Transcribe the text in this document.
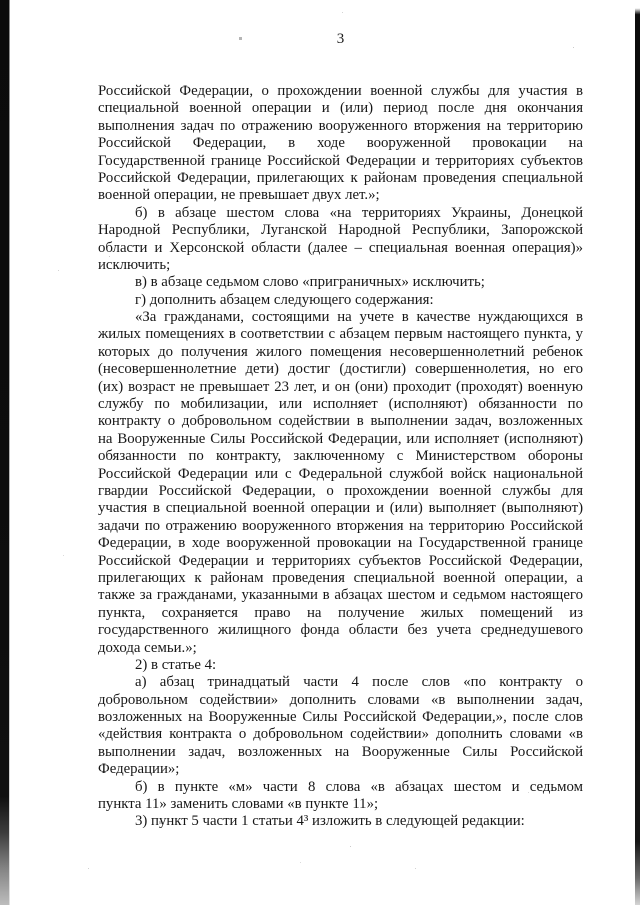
3
Российской Федерации, о прохождении военной службы для участия в
специальной военной операции и (или) период после дня окончания
выполнения задач по отражению вооруженного вторжения на территорию
Российской Федерации, в ходе вооруженной провокации на
Государственной границе Российской Федерации и территориях субъектов
Российской Федерации, прилегающих к районам проведения специальной
военной операции, не превышает двух лет.»;
б) в абзаце шестом слова «на территориях Украины, Донецкой
Народной Республики, Луганской Народной Республики, Запорожской
области и Херсонской области (далее – специальная военная операция)»
исключить;
в) в абзаце седьмом слово «приграничных» исключить;
г) дополнить абзацем следующего содержания:
«За гражданами, состоящими на учете в качестве нуждающихся в
жилых помещениях в соответствии с абзацем первым настоящего пункта, у
которых до получения жилого помещения несовершеннолетний ребенок
(несовершеннолетние дети) достиг (достигли) совершеннолетия, но его
(их) возраст не превышает 23 лет, и он (они) проходит (проходят) военную
службу по мобилизации, или исполняет (исполняют) обязанности по
контракту о добровольном содействии в выполнении задач, возложенных
на Вооруженные Силы Российской Федерации, или исполняет (исполняют)
обязанности по контракту, заключенному с Министерством обороны
Российской Федерации или с Федеральной службой войск национальной
гвардии Российской Федерации, о прохождении военной службы для
участия в специальной военной операции и (или) выполняет (выполняют)
задачи по отражению вооруженного вторжения на территорию Российской
Федерации, в ходе вооруженной провокации на Государственной границе
Российской Федерации и территориях субъектов Российской Федерации,
прилегающих к районам проведения специальной военной операции, а
также за гражданами, указанными в абзацах шестом и седьмом настоящего
пункта, сохраняется право на получение жилых помещений из
государственного жилищного фонда области без учета среднедушевого
дохода семьи.»;
2) в статье 4:
а) абзац тринадцатый части 4 после слов «по контракту о
добровольном содействии» дополнить словами «в выполнении задач,
возложенных на Вооруженные Силы Российской Федерации,», после слов
«действия контракта о добровольном содействии» дополнить словами «в
выполнении задач, возложенных на Вооруженные Силы Российской
Федерации»;
б) в пункте «м» части 8 слова «в абзацах шестом и седьмом
пункта 11» заменить словами «в пункте 11»;
3) пункт 5 части 1 статьи 4³ изложить в следующей редакции:
